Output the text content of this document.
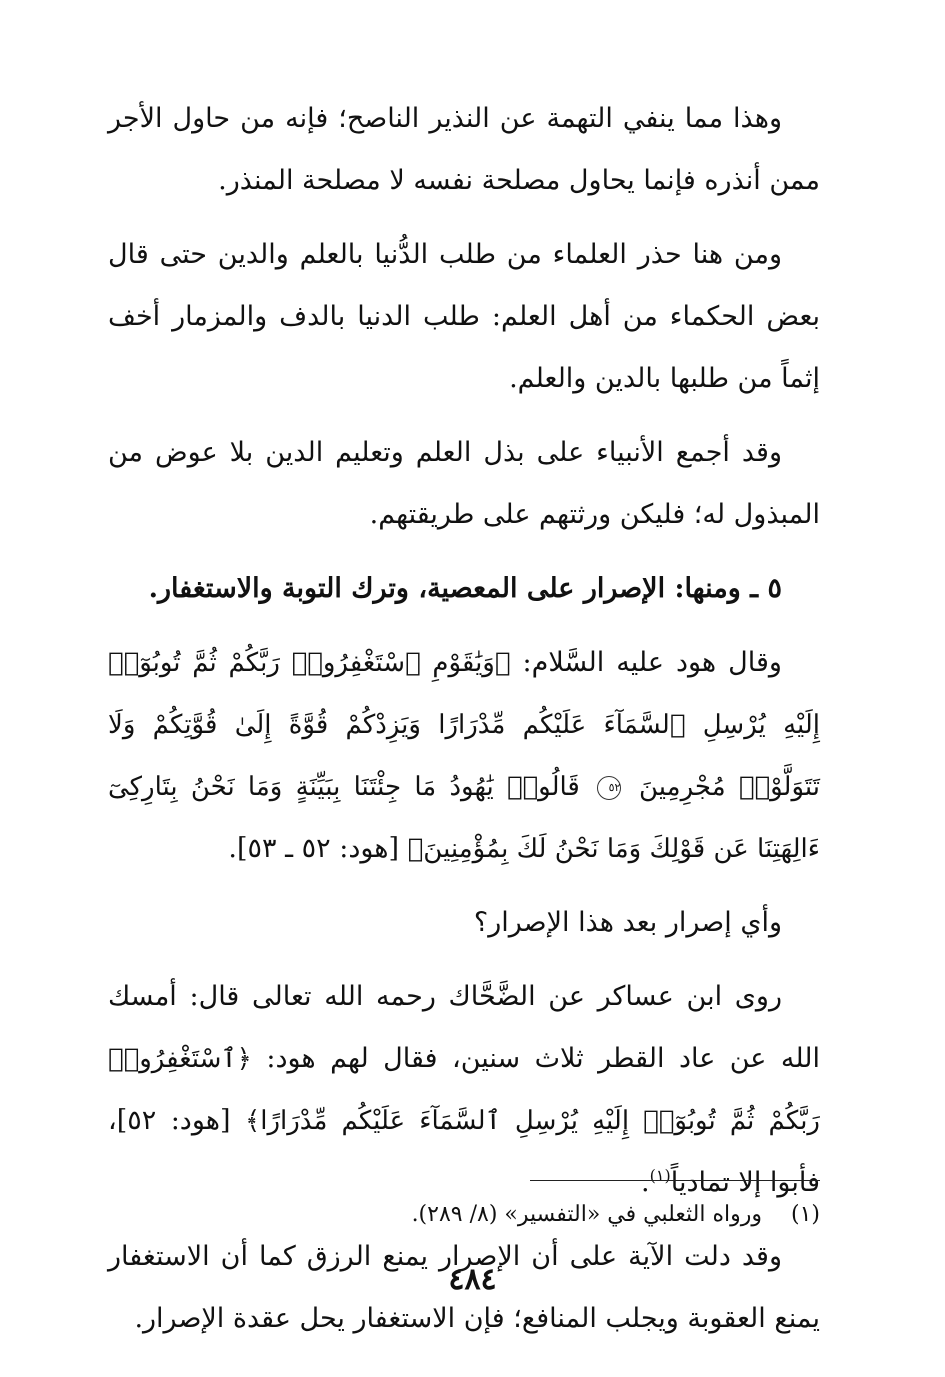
وهذا مما ينفي التهمة عن النذير الناصح؛ فإنه من حاول الأجر ممن أنذره فإنما يحاول مصلحة نفسه لا مصلحة المنذر.

ومن هنا حذر العلماء من طلب الدُّنيا بالعلم والدين حتى قال بعض الحكماء من أهل العلم: طلب الدنيا بالدف والمزمار أخف إثماً من طلبها بالدين والعلم.

وقد أجمع الأنبياء على بذل العلم وتعليم الدين بلا عوض من المبذول له؛ فليكن ورثتهم على طريقتهم.

٥ ـ ومنها: الإصرار على المعصية، وترك التوبة والاستغفار.

وقال هود عليه السَّلام: ﴿وَيَٰقَوْمِ ٱسْتَغْفِرُوا۟ رَبَّكُمْ ثُمَّ تُوبُوٓا۟ إِلَيْهِ يُرْسِلِ ٱلسَّمَآءَ عَلَيْكُم مِّدْرَارًا وَيَزِدْكُمْ قُوَّةً إِلَىٰ قُوَّتِكُمْ وَلَا تَتَوَلَّوْا۟ مُجْرِمِينَ ٥٢ قَالُوا۟ يَٰهُودُ مَا جِئْتَنَا بِبَيِّنَةٍ وَمَا نَحْنُ بِتَارِكِىٓ ءَالِهَتِنَا عَن قَوْلِكَ وَمَا نَحْنُ لَكَ بِمُؤْمِنِينَ﴾ [هود: ٥٢ ـ ٥٣].

وأي إصرار بعد هذا الإصرار؟

روى ابن عساكر عن الضَّحَّاك رحمه الله تعالى قال: أمسك الله عن عاد القطر ثلاث سنين، فقال لهم هود: ﴿ٱسْتَغْفِرُوا۟ رَبَّكُمْ ثُمَّ تُوبُوٓا۟ إِلَيْهِ يُرْسِلِ ٱلسَّمَآءَ عَلَيْكُم مِّدْرَارًا﴾ [هود: ٥٢]، فأبوا إلا تمادياً$^{(١)}$.

وقد دلت الآية على أن الإصرار يمنع الرزق كما أن الاستغفار يمنع العقوبة ويجلب المنافع؛ فإن الاستغفار يحل عقدة الإصرار.

(١) ورواه الثعلبي في «التفسير» (٨/ ٢٨٩).
٤٨٤
